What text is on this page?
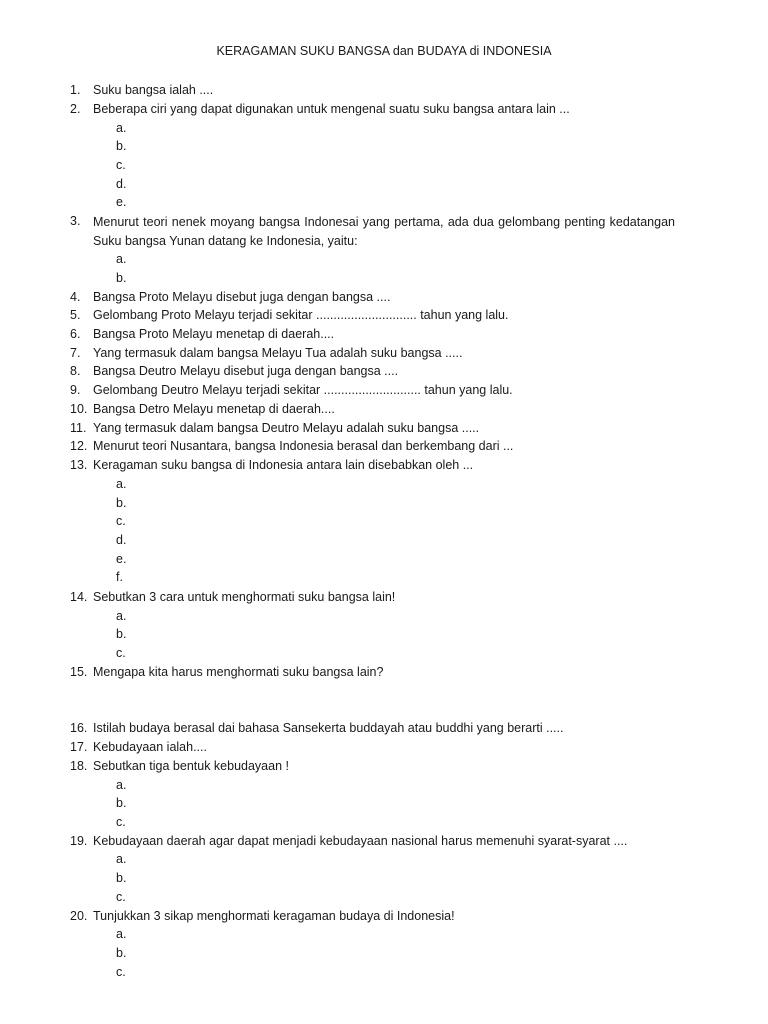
KERAGAMAN SUKU BANGSA dan BUDAYA di INDONESIA
1.	Suku bangsa ialah ....
2.	Beberapa ciri yang dapat digunakan untuk mengenal suatu suku bangsa antara lain ...
a.
b.
c.
d.
e.
3.	Menurut teori nenek moyang bangsa Indonesai yang pertama, ada dua gelombang penting kedatangan Suku bangsa Yunan datang ke Indonesia, yaitu:
a.
b.
4.	Bangsa Proto Melayu disebut juga dengan bangsa ....
5.	Gelombang Proto Melayu terjadi sekitar ............................. tahun yang lalu.
6.	Bangsa Proto Melayu menetap di daerah....
7.	Yang termasuk dalam bangsa Melayu Tua adalah suku bangsa .....
8.	Bangsa Deutro Melayu disebut juga dengan bangsa ....
9.	Gelombang Deutro Melayu terjadi sekitar ............................ tahun yang lalu.
10. Bangsa Detro Melayu menetap di daerah....
11. Yang termasuk dalam bangsa Deutro Melayu adalah suku bangsa .....
12. Menurut teori Nusantara, bangsa Indonesia berasal dan berkembang dari ...
13. Keragaman suku bangsa di Indonesia antara lain disebabkan oleh ...
a.
b.
c.
d.
e.
f.
14. Sebutkan 3 cara untuk menghormati suku bangsa lain!
a.
b.
c.
15. Mengapa kita harus menghormati suku bangsa lain?
16. Istilah budaya berasal dai bahasa Sansekerta buddayah atau buddhi yang berarti .....
17. Kebudayaan ialah....
18. Sebutkan tiga bentuk kebudayaan !
a.
b.
c.
19. Kebudayaan daerah agar dapat menjadi kebudayaan nasional harus memenuhi syarat-syarat ....
a.
b.
c.
20. Tunjukkan 3 sikap menghormati keragaman budaya di Indonesia!
a.
b.
c.
